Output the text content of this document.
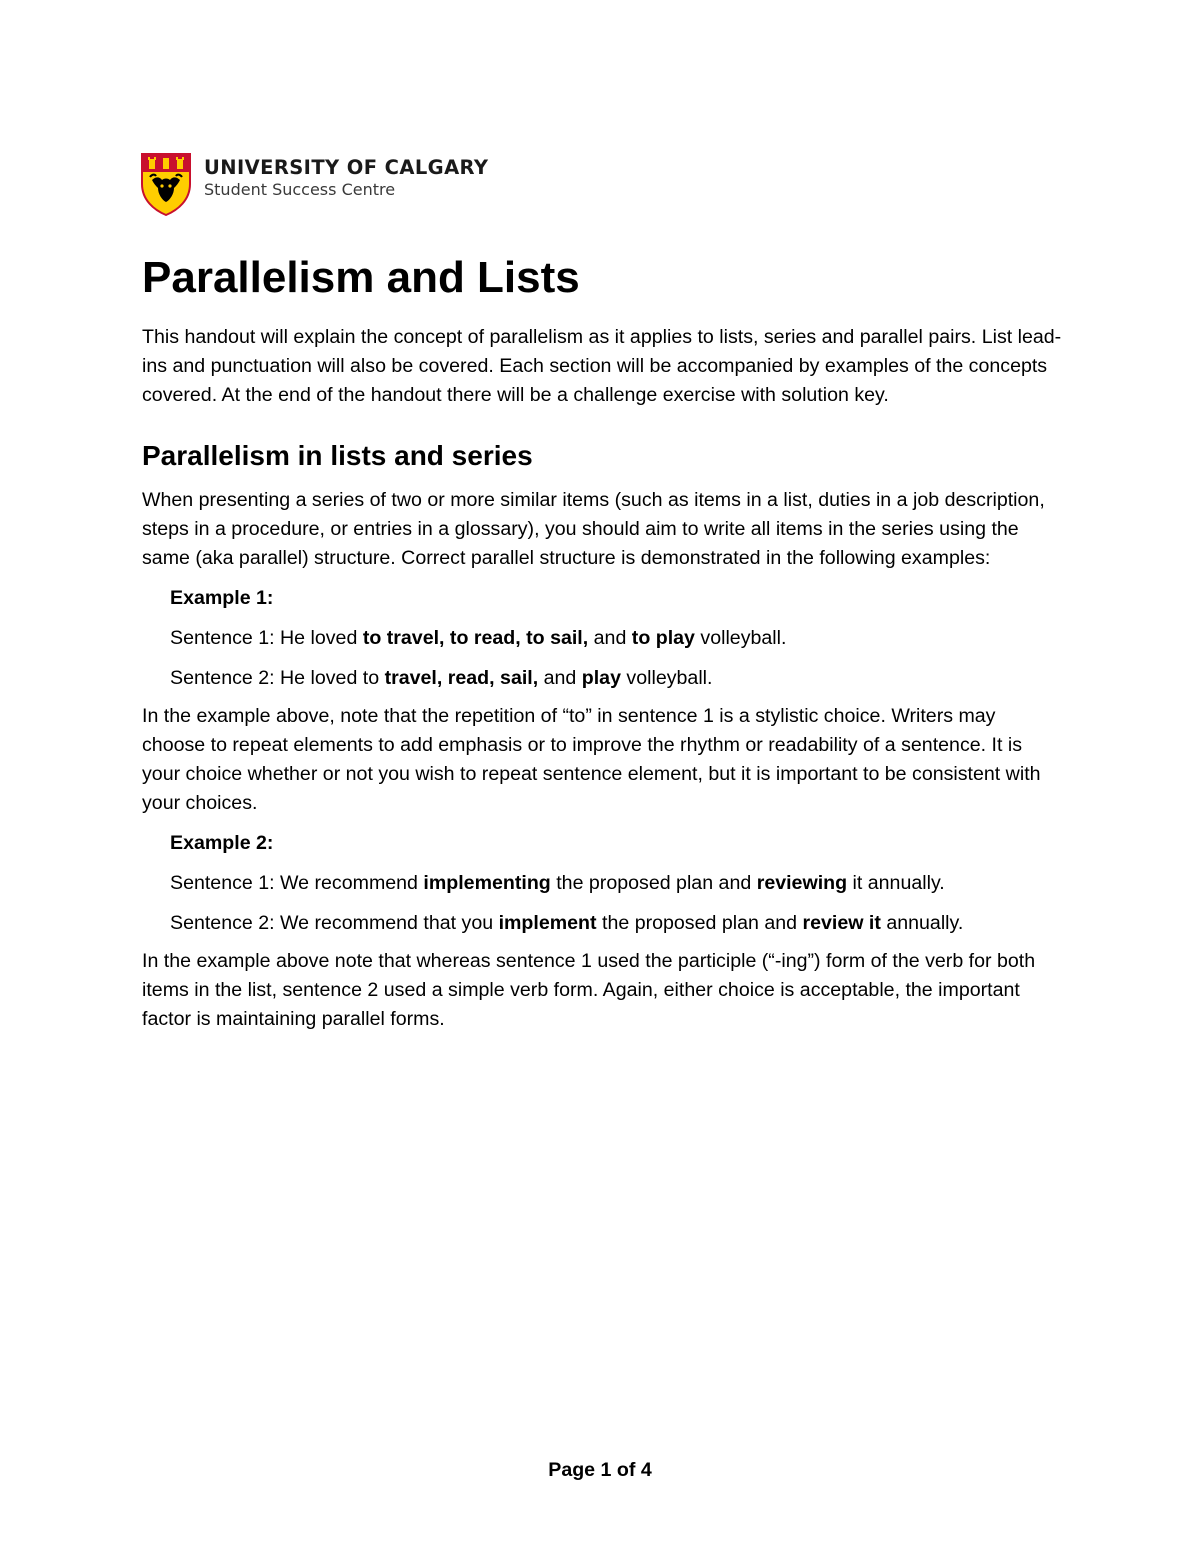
UNIVERSITY OF CALGARY
Student Success Centre
Parallelism and Lists

This handout will explain the concept of parallelism as it applies to lists, series and parallel pairs. List lead-ins and punctuation will also be covered. Each section will be accompanied by examples of the concepts covered. At the end of the handout there will be a challenge exercise with solution key.

Parallelism in lists and series

When presenting a series of two or more similar items (such as items in a list, duties in a job description, steps in a procedure, or entries in a glossary), you should aim to write all items in the series using the same (aka parallel) structure. Correct parallel structure is demonstrated in the following examples:

Example 1:

Sentence 1: He loved to travel, to read, to sail, and to play volleyball.

Sentence 2: He loved to travel, read, sail, and play volleyball.

In the example above, note that the repetition of “to” in sentence 1 is a stylistic choice. Writers may choose to repeat elements to add emphasis or to improve the rhythm or readability of a sentence. It is your choice whether or not you wish to repeat sentence element, but it is important to be consistent with your choices.

Example 2:

Sentence 1: We recommend implementing the proposed plan and reviewing it annually.

Sentence 2: We recommend that you implement the proposed plan and review it annually.

In the example above note that whereas sentence 1 used the participle (“-ing”) form of the verb for both items in the list, sentence 2 used a simple verb form. Again, either choice is acceptable, the important factor is maintaining parallel forms.

Page 1 of 4
